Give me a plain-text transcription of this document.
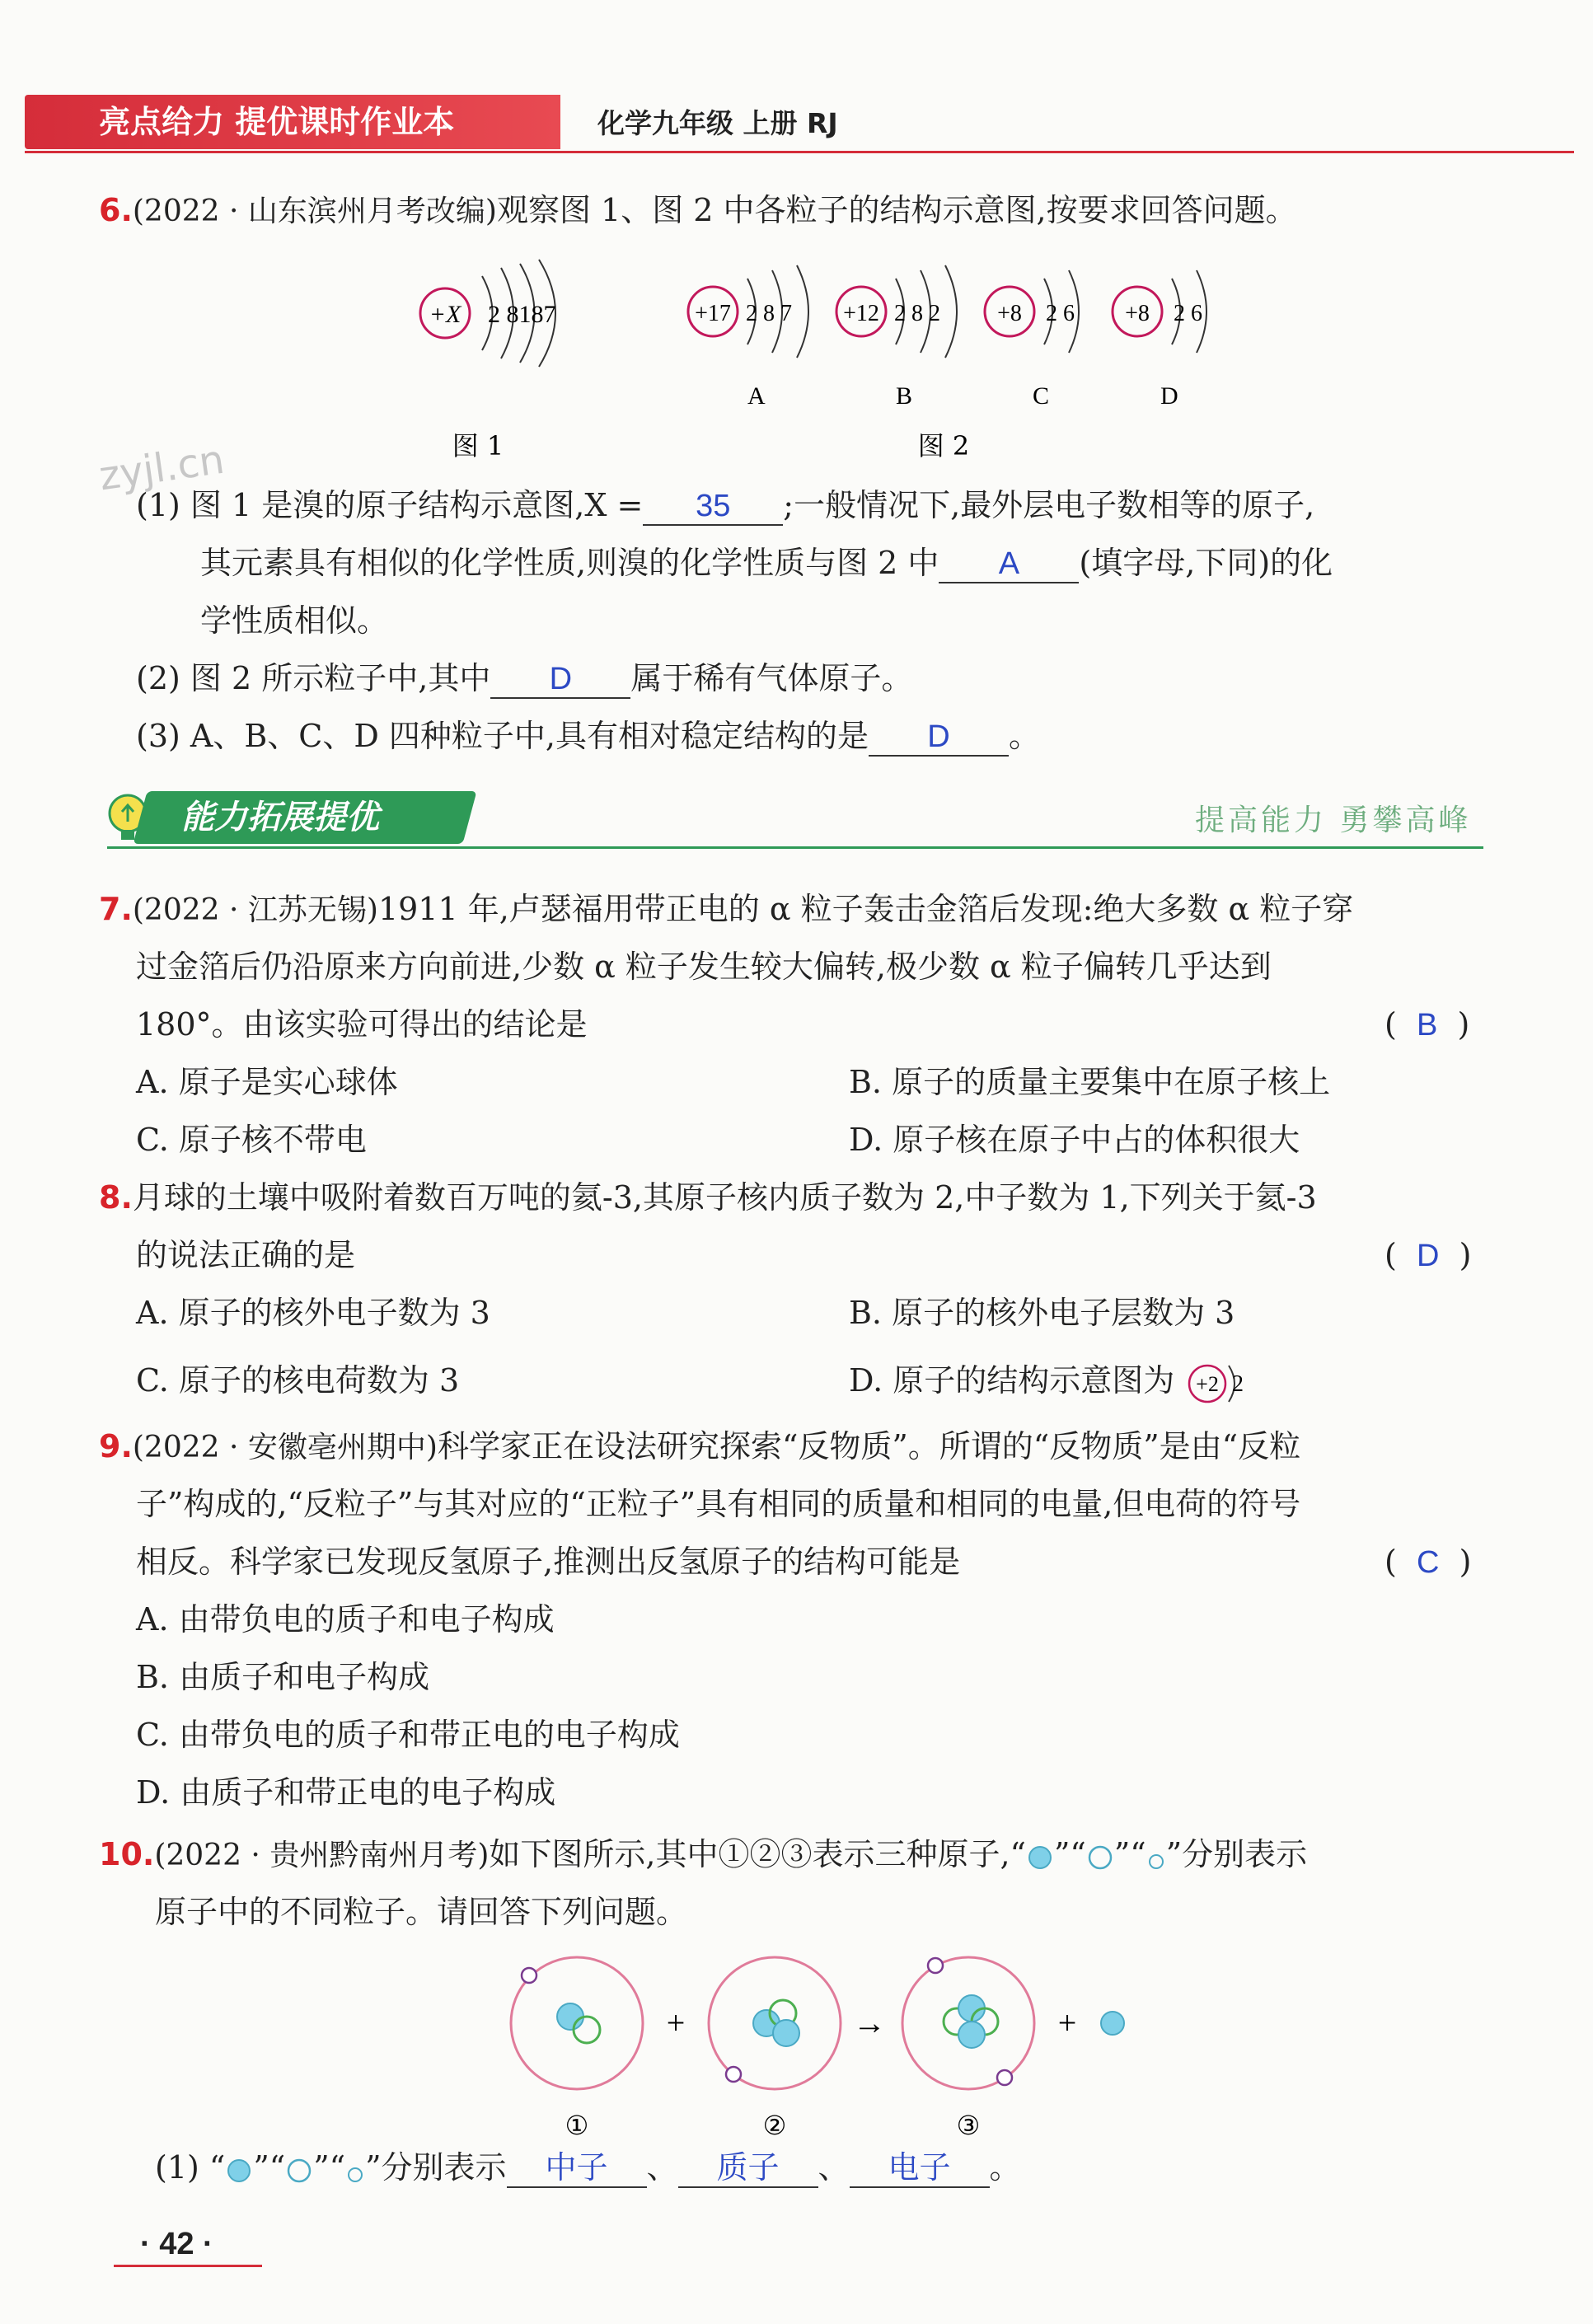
亮点给力 提优课时作业本	化学九年级 上册 RJ
zyjl.cn
6.(2022 · 山东滨州月考改编)观察图 1、图 2 中各粒子的结构示意图,按要求回答问题。
+X 2 8187
图 1
+17 2 8 7
A
+12 2 8 2
B
+8 2 6
C
+8 2 6
D
图 2
(1) 图 1 是溴的原子结构示意图,X = 35 ;一般情况下,最外层电子数相等的原子,
其元素具有相似的化学性质,则溴的化学性质与图 2 中 A (填字母,下同)的化
学性质相似。
(2) 图 2 所示粒子中,其中 D 属于稀有气体原子。
(3) A、B、C、D 四种粒子中,具有相对稳定结构的是 D 。
能力拓展提优	提高能力 勇攀高峰
7.(2022 · 江苏无锡)1911 年,卢瑟福用带正电的 α 粒子轰击金箔后发现:绝大多数 α 粒子穿
过金箔后仍沿原来方向前进,少数 α 粒子发生较大偏转,极少数 α 粒子偏转几乎达到
180°。由该实验可得出的结论是	(  B  )
A. 原子是实心球体	B. 原子的质量主要集中在原子核上
C. 原子核不带电	D. 原子核在原子中占的体积很大
8.月球的土壤中吸附着数百万吨的氦-3,其原子核内质子数为 2,中子数为 1,下列关于氦-3
的说法正确的是	(  D  )
A. 原子的核外电子数为 3	B. 原子的核外电子层数为 3
C. 原子的核电荷数为 3	D. 原子的结构示意图为 +2 2
9.(2022 · 安徽亳州期中)科学家正在设法研究探索“反物质”。所谓的“反物质”是由“反粒
子”构成的,“反粒子”与其对应的“正粒子”具有相同的质量和相同的电量,但电荷的符号
相反。科学家已发现反氢原子,推测出反氢原子的结构可能是	(  C  )
A. 由带负电的质子和电子构成
B. 由质子和电子构成
C. 由带负电的质子和带正电的电子构成
D. 由质子和带正电的电子构成
10.(2022 · 贵州黔南州月考)如下图所示,其中①②③表示三种原子,“ ”“ ”“ ”分别表示
原子中的不同粒子。请回答下列问题。
①
+
②
→
③
+
(1) “ ”“ ”“ ”分别表示 中子 、 质子 、 电子 。
· 42 ·
